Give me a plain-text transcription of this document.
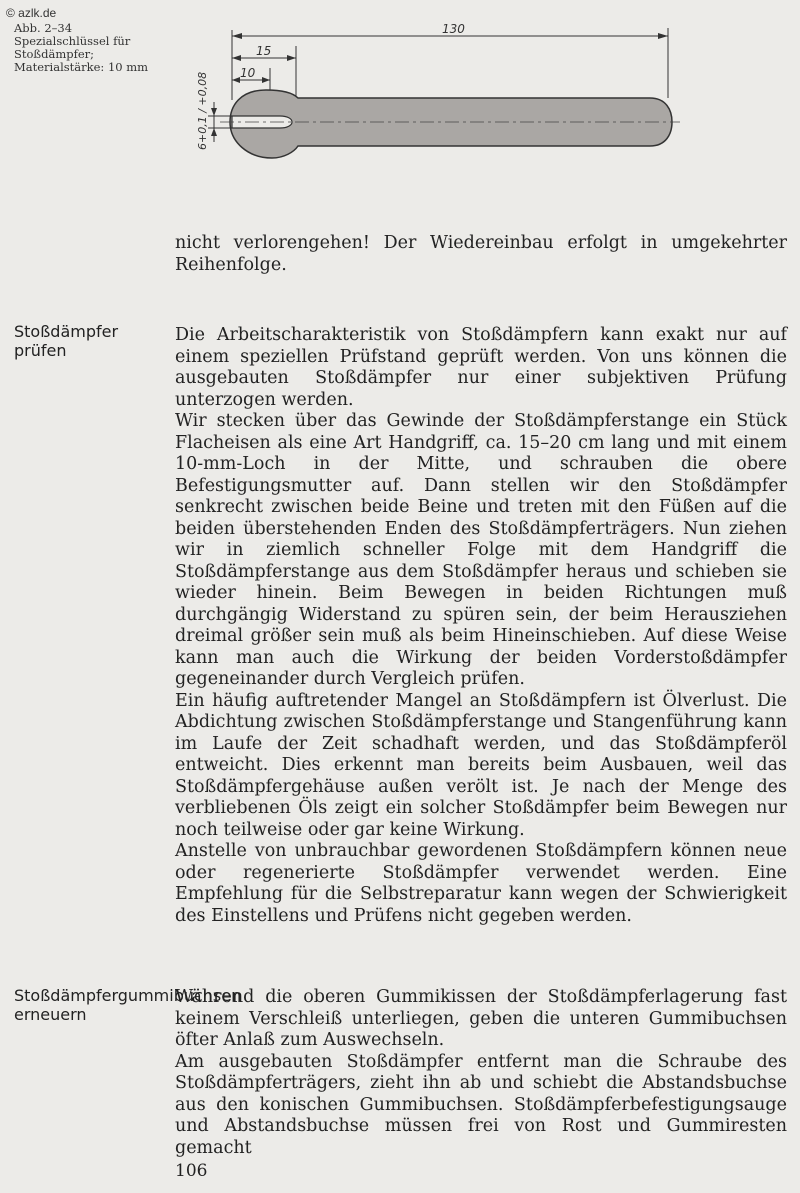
© azlk.de
Abb. 2–34
Spezialschlüssel für Stoßdämpfer; Materialstärke: 10 mm
130
15
10
6+0,1 / +0,08

nicht verlorengehen! Der Wiedereinbau erfolgt in umgekehrter Reihenfolge.

Stoßdämpfer prüfen
Die Arbeitscharakteristik von Stoßdämpfern kann exakt nur auf einem speziellen Prüfstand geprüft werden. Von uns können die ausgebauten Stoßdämpfer nur einer subjektiven Prüfung unterzogen werden.
Wir stecken über das Gewinde der Stoßdämpferstange ein Stück Flacheisen als eine Art Handgriff, ca. 15–20 cm lang und mit einem 10-mm-Loch in der Mitte, und schrauben die obere Befestigungsmutter auf. Dann stellen wir den Stoßdämpfer senkrecht zwischen beide Beine und treten mit den Füßen auf die beiden überstehenden Enden des Stoßdämpferträgers. Nun ziehen wir in ziemlich schneller Folge mit dem Handgriff die Stoßdämpferstange aus dem Stoßdämpfer heraus und schieben sie wieder hinein. Beim Bewegen in beiden Richtungen muß durchgängig Widerstand zu spüren sein, der beim Herausziehen dreimal größer sein muß als beim Hineinschieben. Auf diese Weise kann man auch die Wirkung der beiden Vorderstoßdämpfer gegeneinander durch Vergleich prüfen.
Ein häufig auftretender Mangel an Stoßdämpfern ist Ölverlust. Die Abdichtung zwischen Stoßdämpferstange und Stangenführung kann im Laufe der Zeit schadhaft werden, und das Stoßdämpferöl entweicht. Dies erkennt man bereits beim Ausbauen, weil das Stoßdämpfergehäuse außen verölt ist. Je nach der Menge des verbliebenen Öls zeigt ein solcher Stoßdämpfer beim Bewegen nur noch teilweise oder gar keine Wirkung.
Anstelle von unbrauchbar gewordenen Stoßdämpfern können neue oder regenerierte Stoßdämpfer verwendet werden. Eine Empfehlung für die Selbstreparatur kann wegen der Schwierigkeit des Einstellens und Prüfens nicht gegeben werden.
Stoßdämpfergummibuchsen erneuern
Während die oberen Gummikissen der Stoßdämpferlagerung fast keinem Verschleiß unterliegen, geben die unteren Gummibuchsen öfter Anlaß zum Auswechseln.
Am ausgebauten Stoßdämpfer entfernt man die Schraube des Stoßdämpferträgers, zieht ihn ab und schiebt die Abstandsbuchse aus den konischen Gummibuchsen. Stoßdämpferbefestigungsauge und Abstandsbuchse müssen frei von Rost und Gummiresten gemacht
106
